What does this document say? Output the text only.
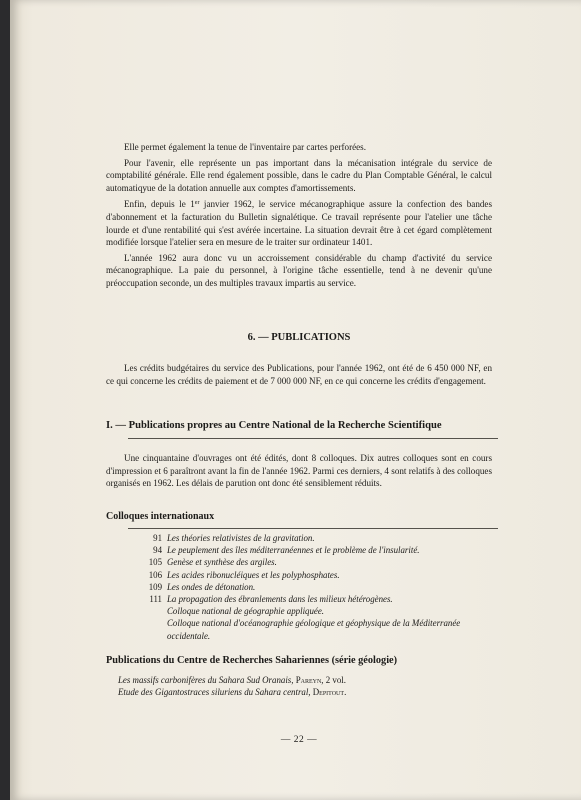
Elle permet également la tenue de l'inventaire par cartes perforées.

Pour l'avenir, elle représente un pas important dans la mécanisation intégrale du service de comptabilité générale. Elle rend également possible, dans le cadre du Plan Comptable Général, le calcul automatiqyue de la dotation annuelle aux comptes d'amortissements.

Enfin, depuis le 1er janvier 1962, le service mécanographique assure la confection des bandes d'abonnement et la facturation du Bulletin signalétique. Ce travail représente pour l'atelier une tâche lourde et d'une rentabilité qui s'est avérée incertaine. La situation devrait être à cet égard complètement modifiée lorsque l'atelier sera en mesure de le traiter sur ordinateur 1401.

L'année 1962 aura donc vu un accroissement considérable du champ d'activité du service mécanographique. La paie du personnel, à l'origine tâche essentielle, tend à ne devenir qu'une préoccupation seconde, un des multiples travaux impartis au service.

6. — PUBLICATIONS

Les crédits budgétaires du service des Publications, pour l'année 1962, ont été de 6 450 000 NF, en ce qui concerne les crédits de paiement et de 7 000 000 NF, en ce qui concerne les crédits d'engagement.

I. — Publications propres au Centre National de la Recherche Scientifique

Une cinquantaine d'ouvrages ont été édités, dont 8 colloques. Dix autres colloques sont en cours d'impression et 6 paraîtront avant la fin de l'année 1962. Parmi ces derniers, 4 sont relatifs à des colloques organisés en 1962. Les délais de parution ont donc été sensiblement réduits.

Colloques internationaux
91 Les théories relativistes de la gravitation.
94 Le peuplement des îles méditerranéennes et le problème de l'insularité.
105 Genèse et synthèse des argiles.
106 Les acides ribonucléiques et les polyphosphates.
109 Les ondes de détonation.
111 La propagation des ébranlements dans les milieux hétérogènes.
Colloque national de géographie appliquée.
Colloque national d'océanographie géologique et géophysique de la Méditerranée occidentale.
Publications du Centre de Recherches Sahariennes (série géologie)
Les massifs carbonifères du Sahara Sud Oranais, Pareyn, 2 vol.
Etude des Gigantostraces siluriens du Sahara central, Depitout.
— 22 —
